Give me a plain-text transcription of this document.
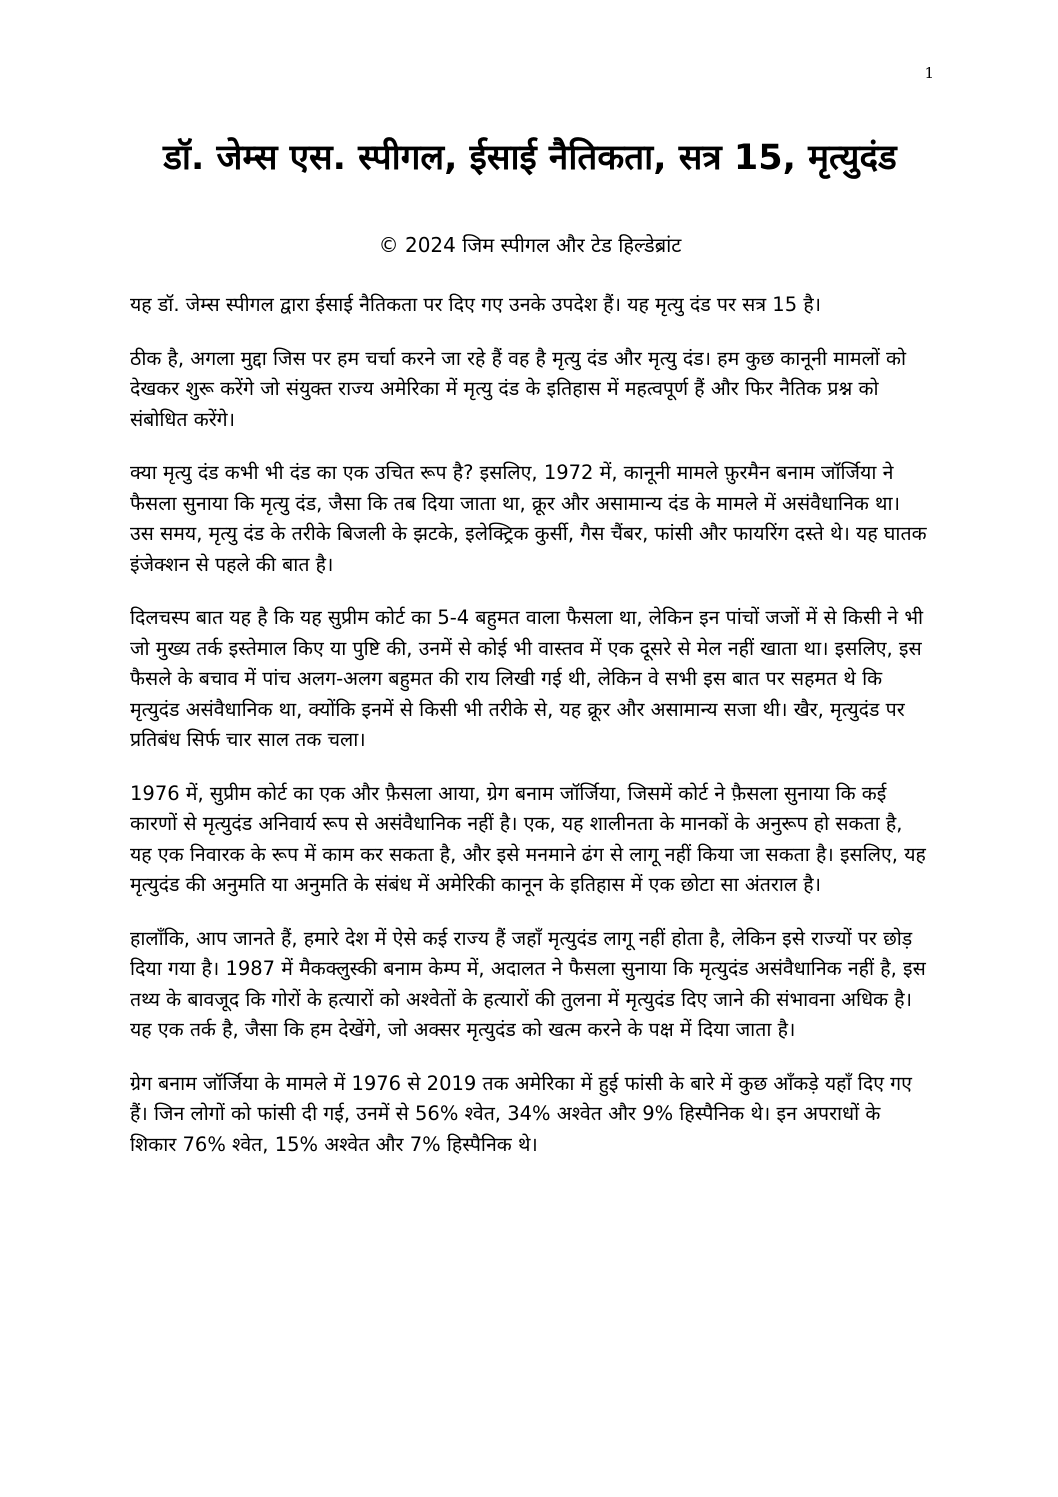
1
डॉ. जेम्स एस. स्पीगल, ईसाई नैतिकता, सत्र 15, मृत्युदंड
© 2024 जिम स्पीगल और टेड हिल्डेब्रांट

यह डॉ. जेम्स स्पीगल द्वारा ईसाई नैतिकता पर दिए गए उनके उपदेश हैं। यह मृत्यु दंड पर सत्र 15 है।

ठीक है, अगला मुद्दा जिस पर हम चर्चा करने जा रहे हैं वह है मृत्यु दंड और मृत्यु दंड। हम कुछ कानूनी मामलों को देखकर शुरू करेंगे जो संयुक्त राज्य अमेरिका में मृत्यु दंड के इतिहास में महत्वपूर्ण हैं और फिर नैतिक प्रश्न को संबोधित करेंगे।

क्या मृत्यु दंड कभी भी दंड का एक उचित रूप है? इसलिए, 1972 में, कानूनी मामले फ़ुरमैन बनाम जॉर्जिया ने फैसला सुनाया कि मृत्यु दंड, जैसा कि तब दिया जाता था, क्रूर और असामान्य दंड के मामले में असंवैधानिक था। उस समय, मृत्यु दंड के तरीके बिजली के झटके, इलेक्ट्रिक कुर्सी, गैस चैंबर, फांसी और फायरिंग दस्ते थे। यह घातक इंजेक्शन से पहले की बात है।

दिलचस्प बात यह है कि यह सुप्रीम कोर्ट का 5-4 बहुमत वाला फैसला था, लेकिन इन पांचों जजों में से किसी ने भी जो मुख्य तर्क इस्तेमाल किए या पुष्टि की, उनमें से कोई भी वास्तव में एक दूसरे से मेल नहीं खाता था। इसलिए, इस फैसले के बचाव में पांच अलग-अलग बहुमत की राय लिखी गई थी, लेकिन वे सभी इस बात पर सहमत थे कि मृत्युदंड असंवैधानिक था, क्योंकि इनमें से किसी भी तरीके से, यह क्रूर और असामान्य सजा थी। खैर, मृत्युदंड पर प्रतिबंध सिर्फ चार साल तक चला।

1976 में, सुप्रीम कोर्ट का एक और फ़ैसला आया, ग्रेग बनाम जॉर्जिया, जिसमें कोर्ट ने फ़ैसला सुनाया कि कई कारणों से मृत्युदंड अनिवार्य रूप से असंवैधानिक नहीं है। एक, यह शालीनता के मानकों के अनुरूप हो सकता है, यह एक निवारक के रूप में काम कर सकता है, और इसे मनमाने ढंग से लागू नहीं किया जा सकता है। इसलिए, यह मृत्युदंड की अनुमति या अनुमति के संबंध में अमेरिकी कानून के इतिहास में एक छोटा सा अंतराल है।

हालाँकि, आप जानते हैं, हमारे देश में ऐसे कई राज्य हैं जहाँ मृत्युदंड लागू नहीं होता है, लेकिन इसे राज्यों पर छोड़ दिया गया है। 1987 में मैकक्लुस्की बनाम केम्प में, अदालत ने फैसला सुनाया कि मृत्युदंड असंवैधानिक नहीं है, इस तथ्य के बावजूद कि गोरों के हत्यारों को अश्वेतों के हत्यारों की तुलना में मृत्युदंड दिए जाने की संभावना अधिक है। यह एक तर्क है, जैसा कि हम देखेंगे, जो अक्सर मृत्युदंड को खत्म करने के पक्ष में दिया जाता है।

ग्रेग बनाम जॉर्जिया के मामले में 1976 से 2019 तक अमेरिका में हुई फांसी के बारे में कुछ आँकड़े यहाँ दिए गए हैं। जिन लोगों को फांसी दी गई, उनमें से 56% श्वेत, 34% अश्वेत और 9% हिस्पैनिक थे। इन अपराधों के शिकार 76% श्वेत, 15% अश्वेत और 7% हिस्पैनिक थे।
